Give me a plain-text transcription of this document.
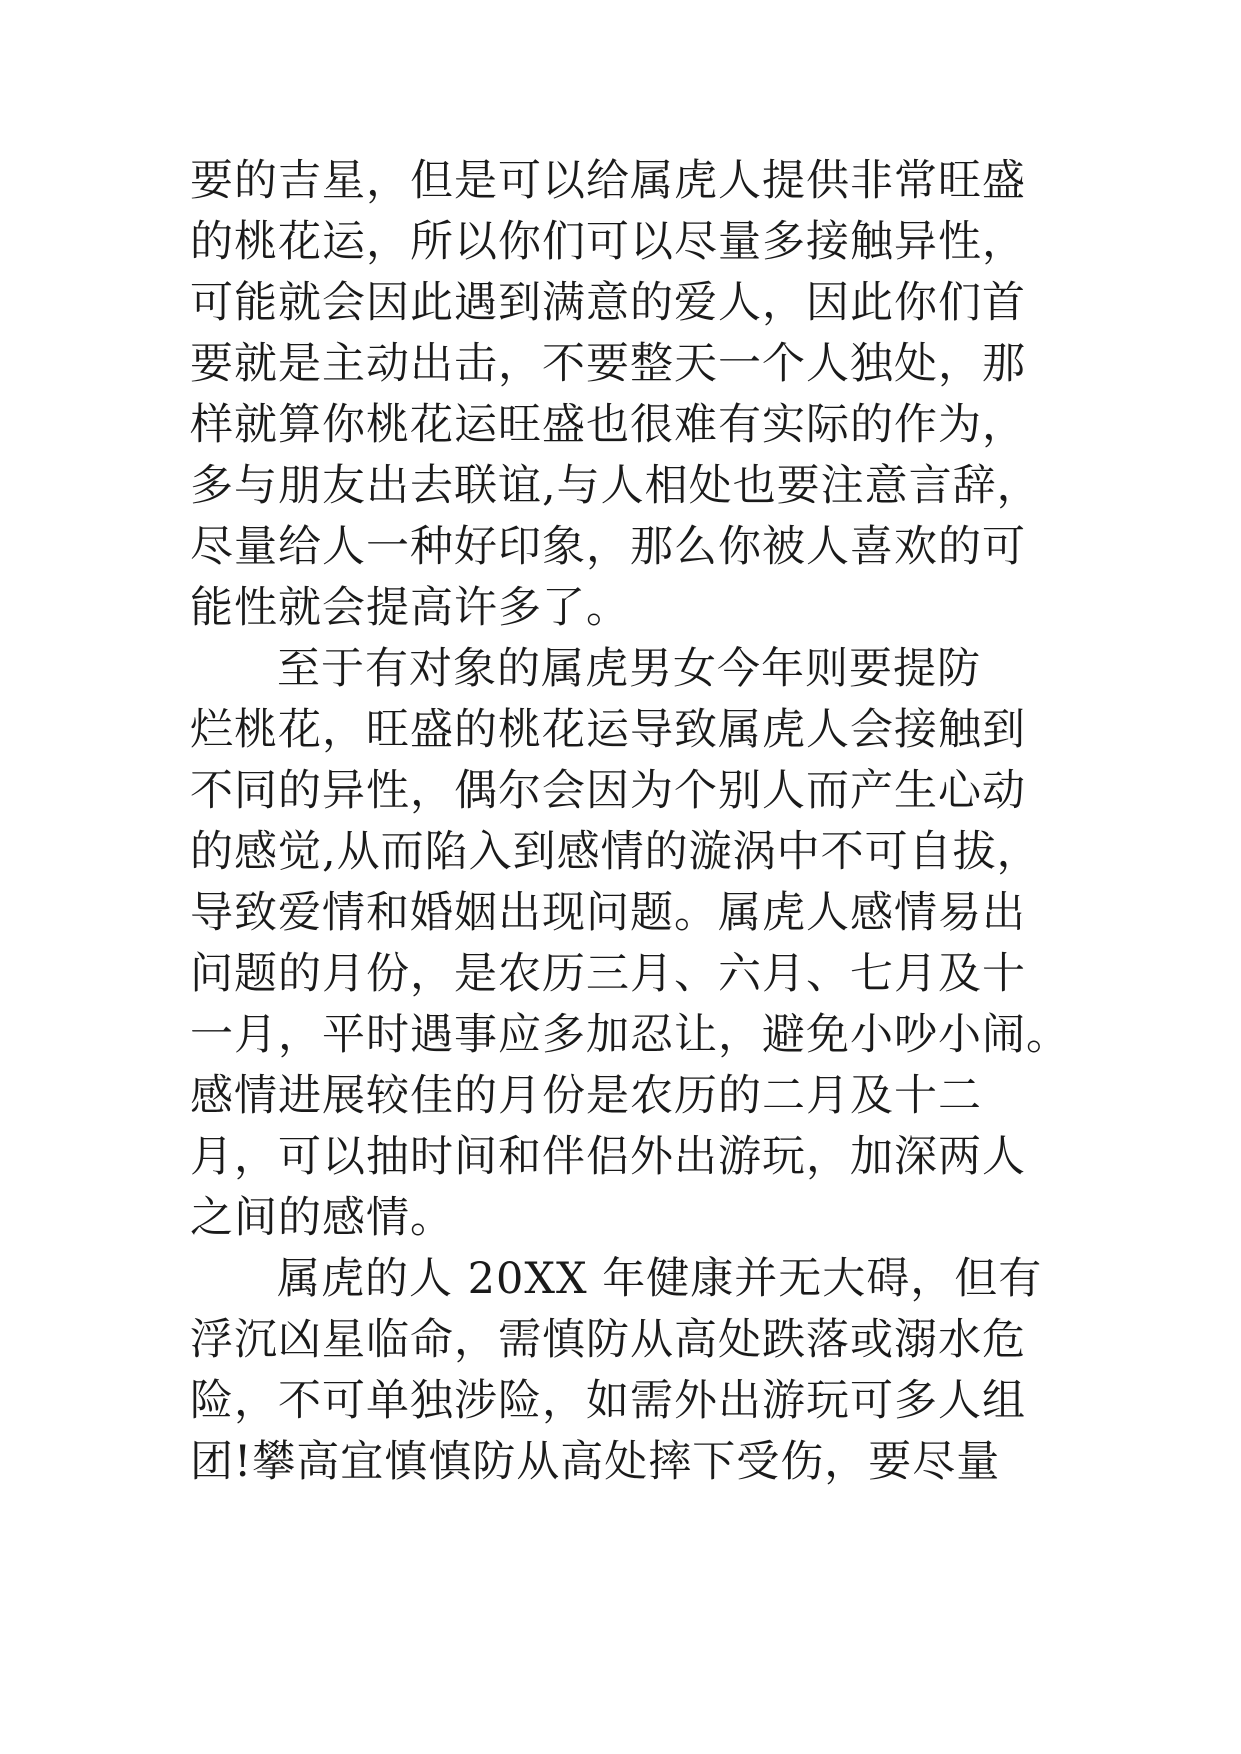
要的吉星，但是可以给属虎人提供非常旺盛

的桃花运，所以你们可以尽量多接触异性，

可能就会因此遇到满意的爱人，因此你们首

要就是主动出击，不要整天一个人独处，那

样就算你桃花运旺盛也很难有实际的作为，

多与朋友出去联谊,与人相处也要注意言辞，

尽量给人一种好印象，那么你被人喜欢的可

能性就会提高许多了。

至于有对象的属虎男女今年则要提防

烂桃花，旺盛的桃花运导致属虎人会接触到

不同的异性，偶尔会因为个别人而产生心动

的感觉,从而陷入到感情的漩涡中不可自拔，

导致爱情和婚姻出现问题。属虎人感情易出

问题的月份，是农历三月、六月、七月及十

一月，平时遇事应多加忍让，避免小吵小闹。

感情进展较佳的月份是农历的二月及十二

月，可以抽时间和伴侣外出游玩，加深两人

之间的感情。

属虎的人 20XX 年健康并无大碍，但有

浮沉凶星临命，需慎防从高处跌落或溺水危

险，不可单独涉险，如需外出游玩可多人组

团!攀高宜慎慎防从高处摔下受伤，要尽量
